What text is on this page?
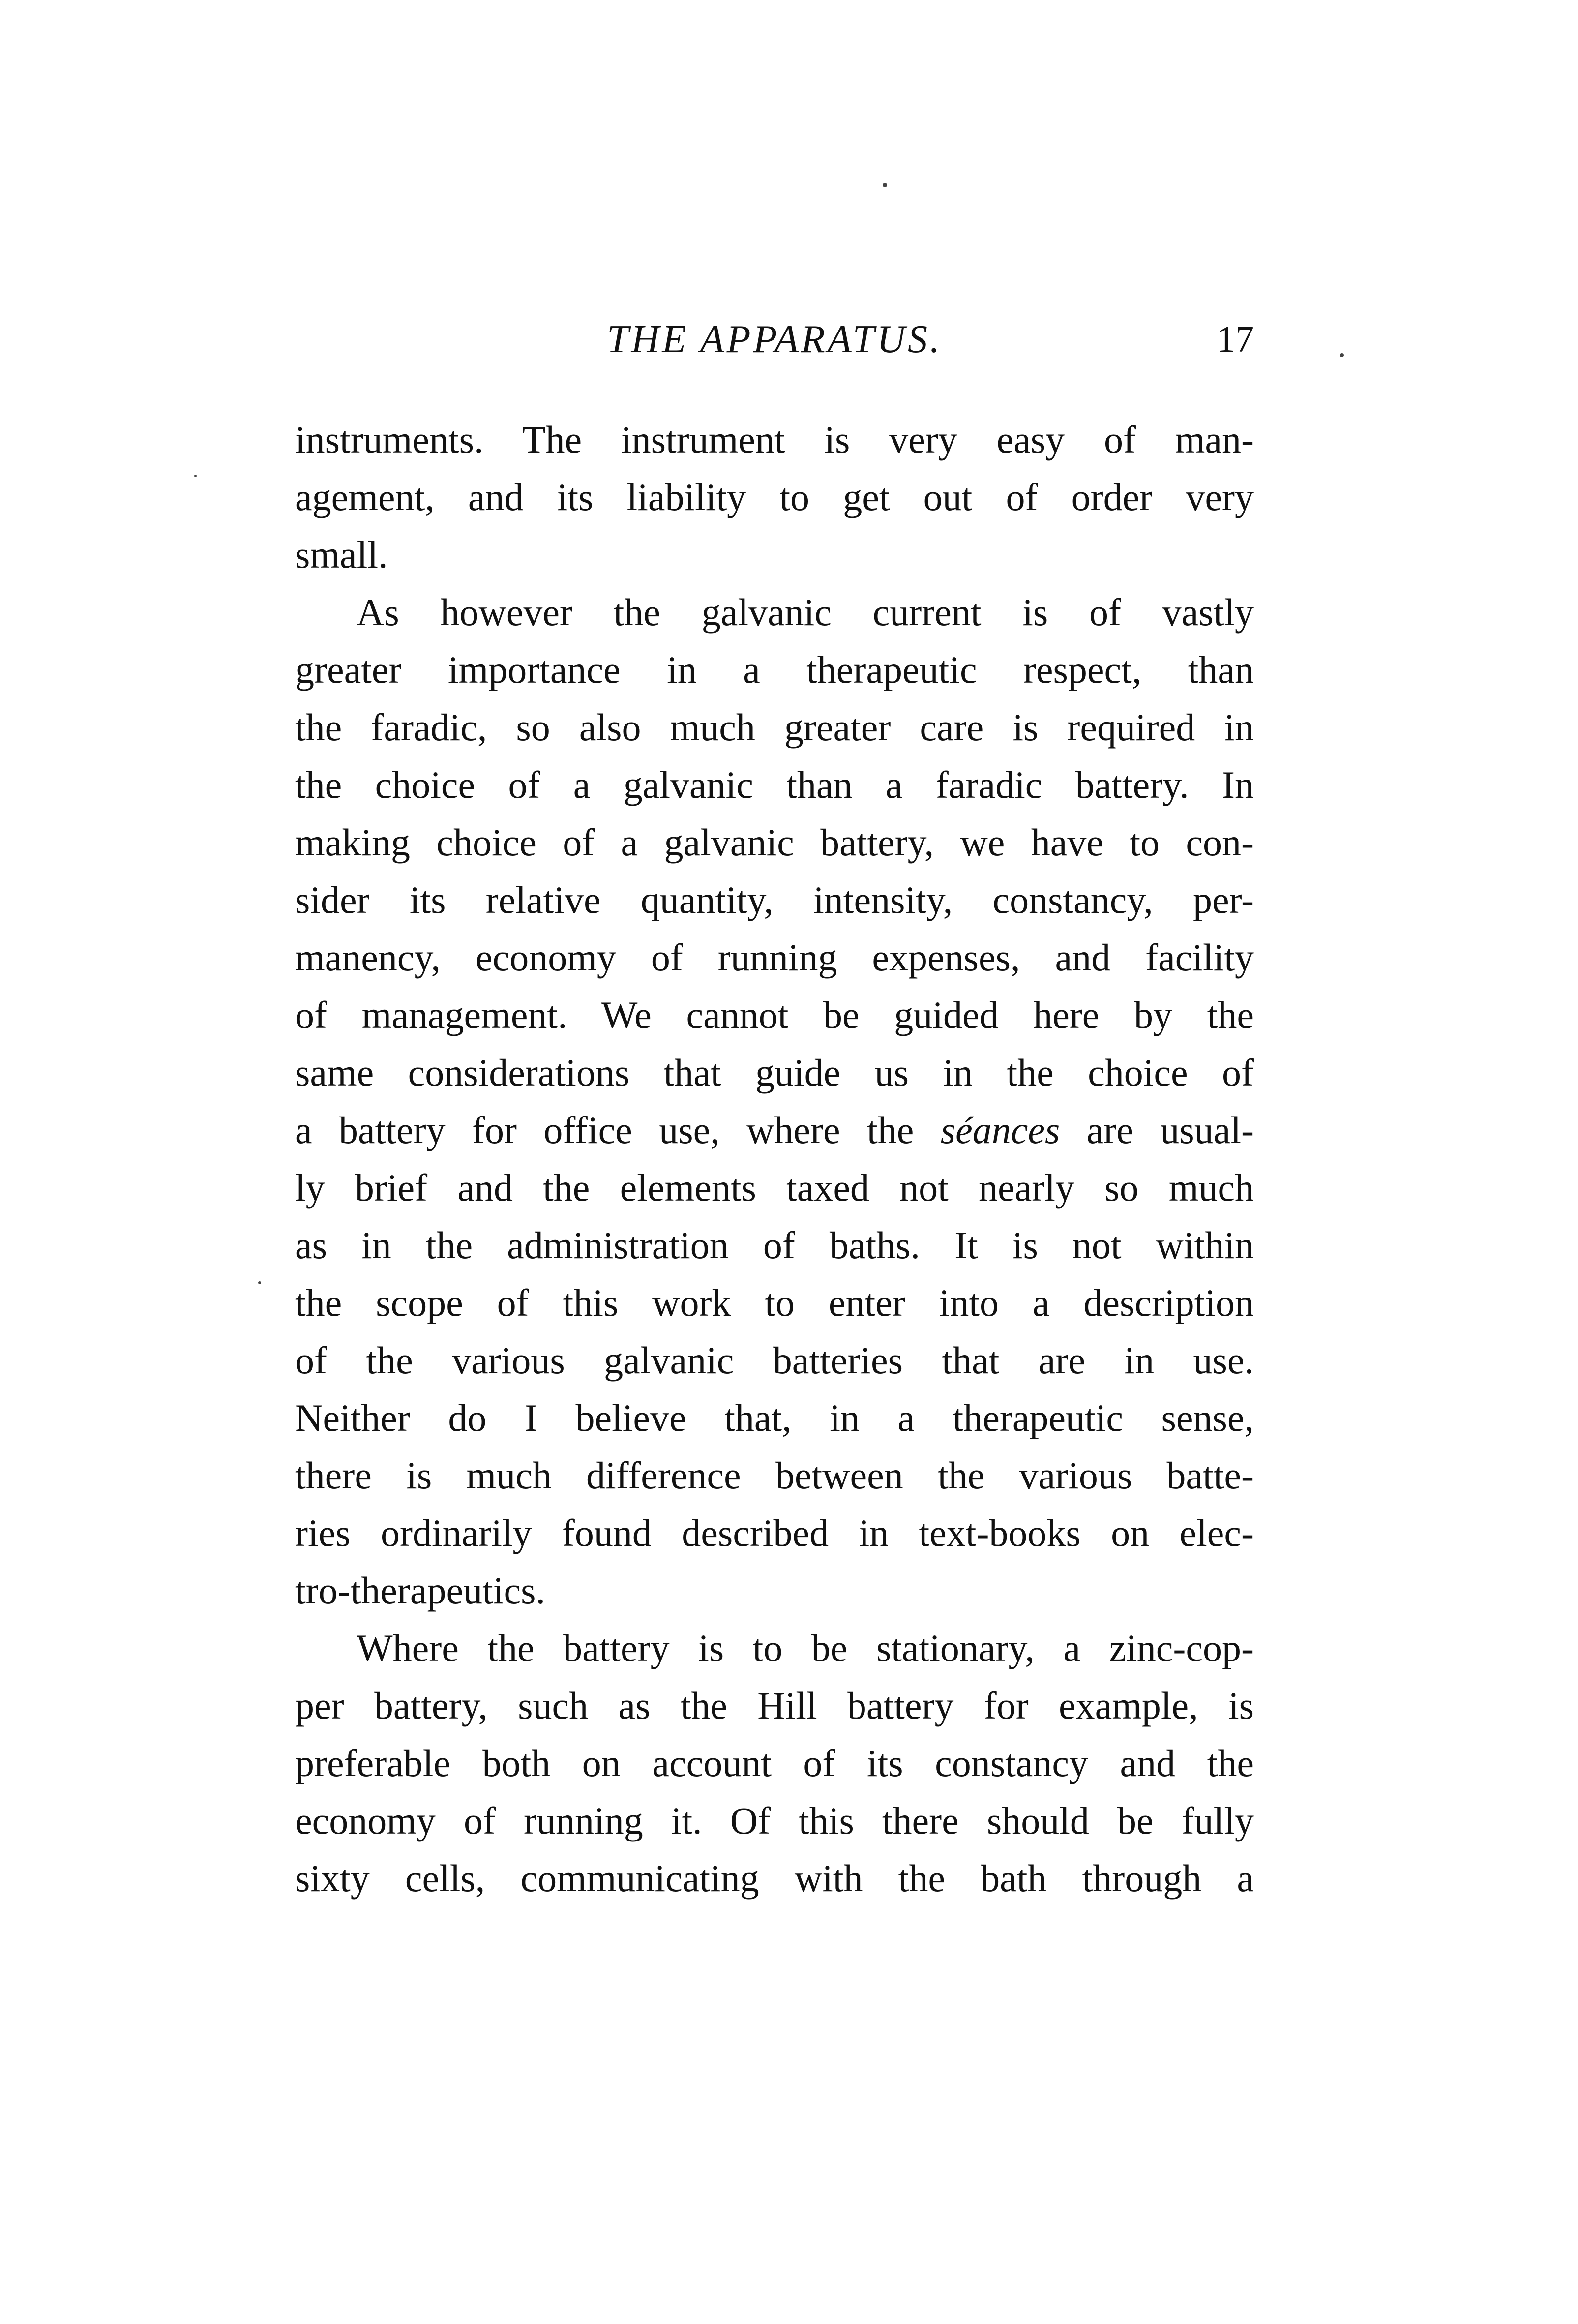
THE APPARATUS.	17
instruments. The instrument is very easy of man-
agement, and its liability to get out of order very
small.
As however the galvanic current is of vastly
greater importance in a therapeutic respect, than
the faradic, so also much greater care is required in
the choice of a galvanic than a faradic battery. In
making choice of a galvanic battery, we have to con-
sider its relative quantity, intensity, constancy, per-
manency, economy of running expenses, and facility
of management. We cannot be guided here by the
same considerations that guide us in the choice of
a battery for office use, where the séances are usual-
ly brief and the elements taxed not nearly so much
as in the administration of baths. It is not within
the scope of this work to enter into a description
of the various galvanic batteries that are in use.
Neither do I believe that, in a therapeutic sense,
there is much difference between the various batte-
ries ordinarily found described in text-books on elec-
tro-therapeutics.
Where the battery is to be stationary, a zinc-cop-
per battery, such as the Hill battery for example, is
preferable both on account of its constancy and the
economy of running it. Of this there should be fully
sixty cells, communicating with the bath through a
